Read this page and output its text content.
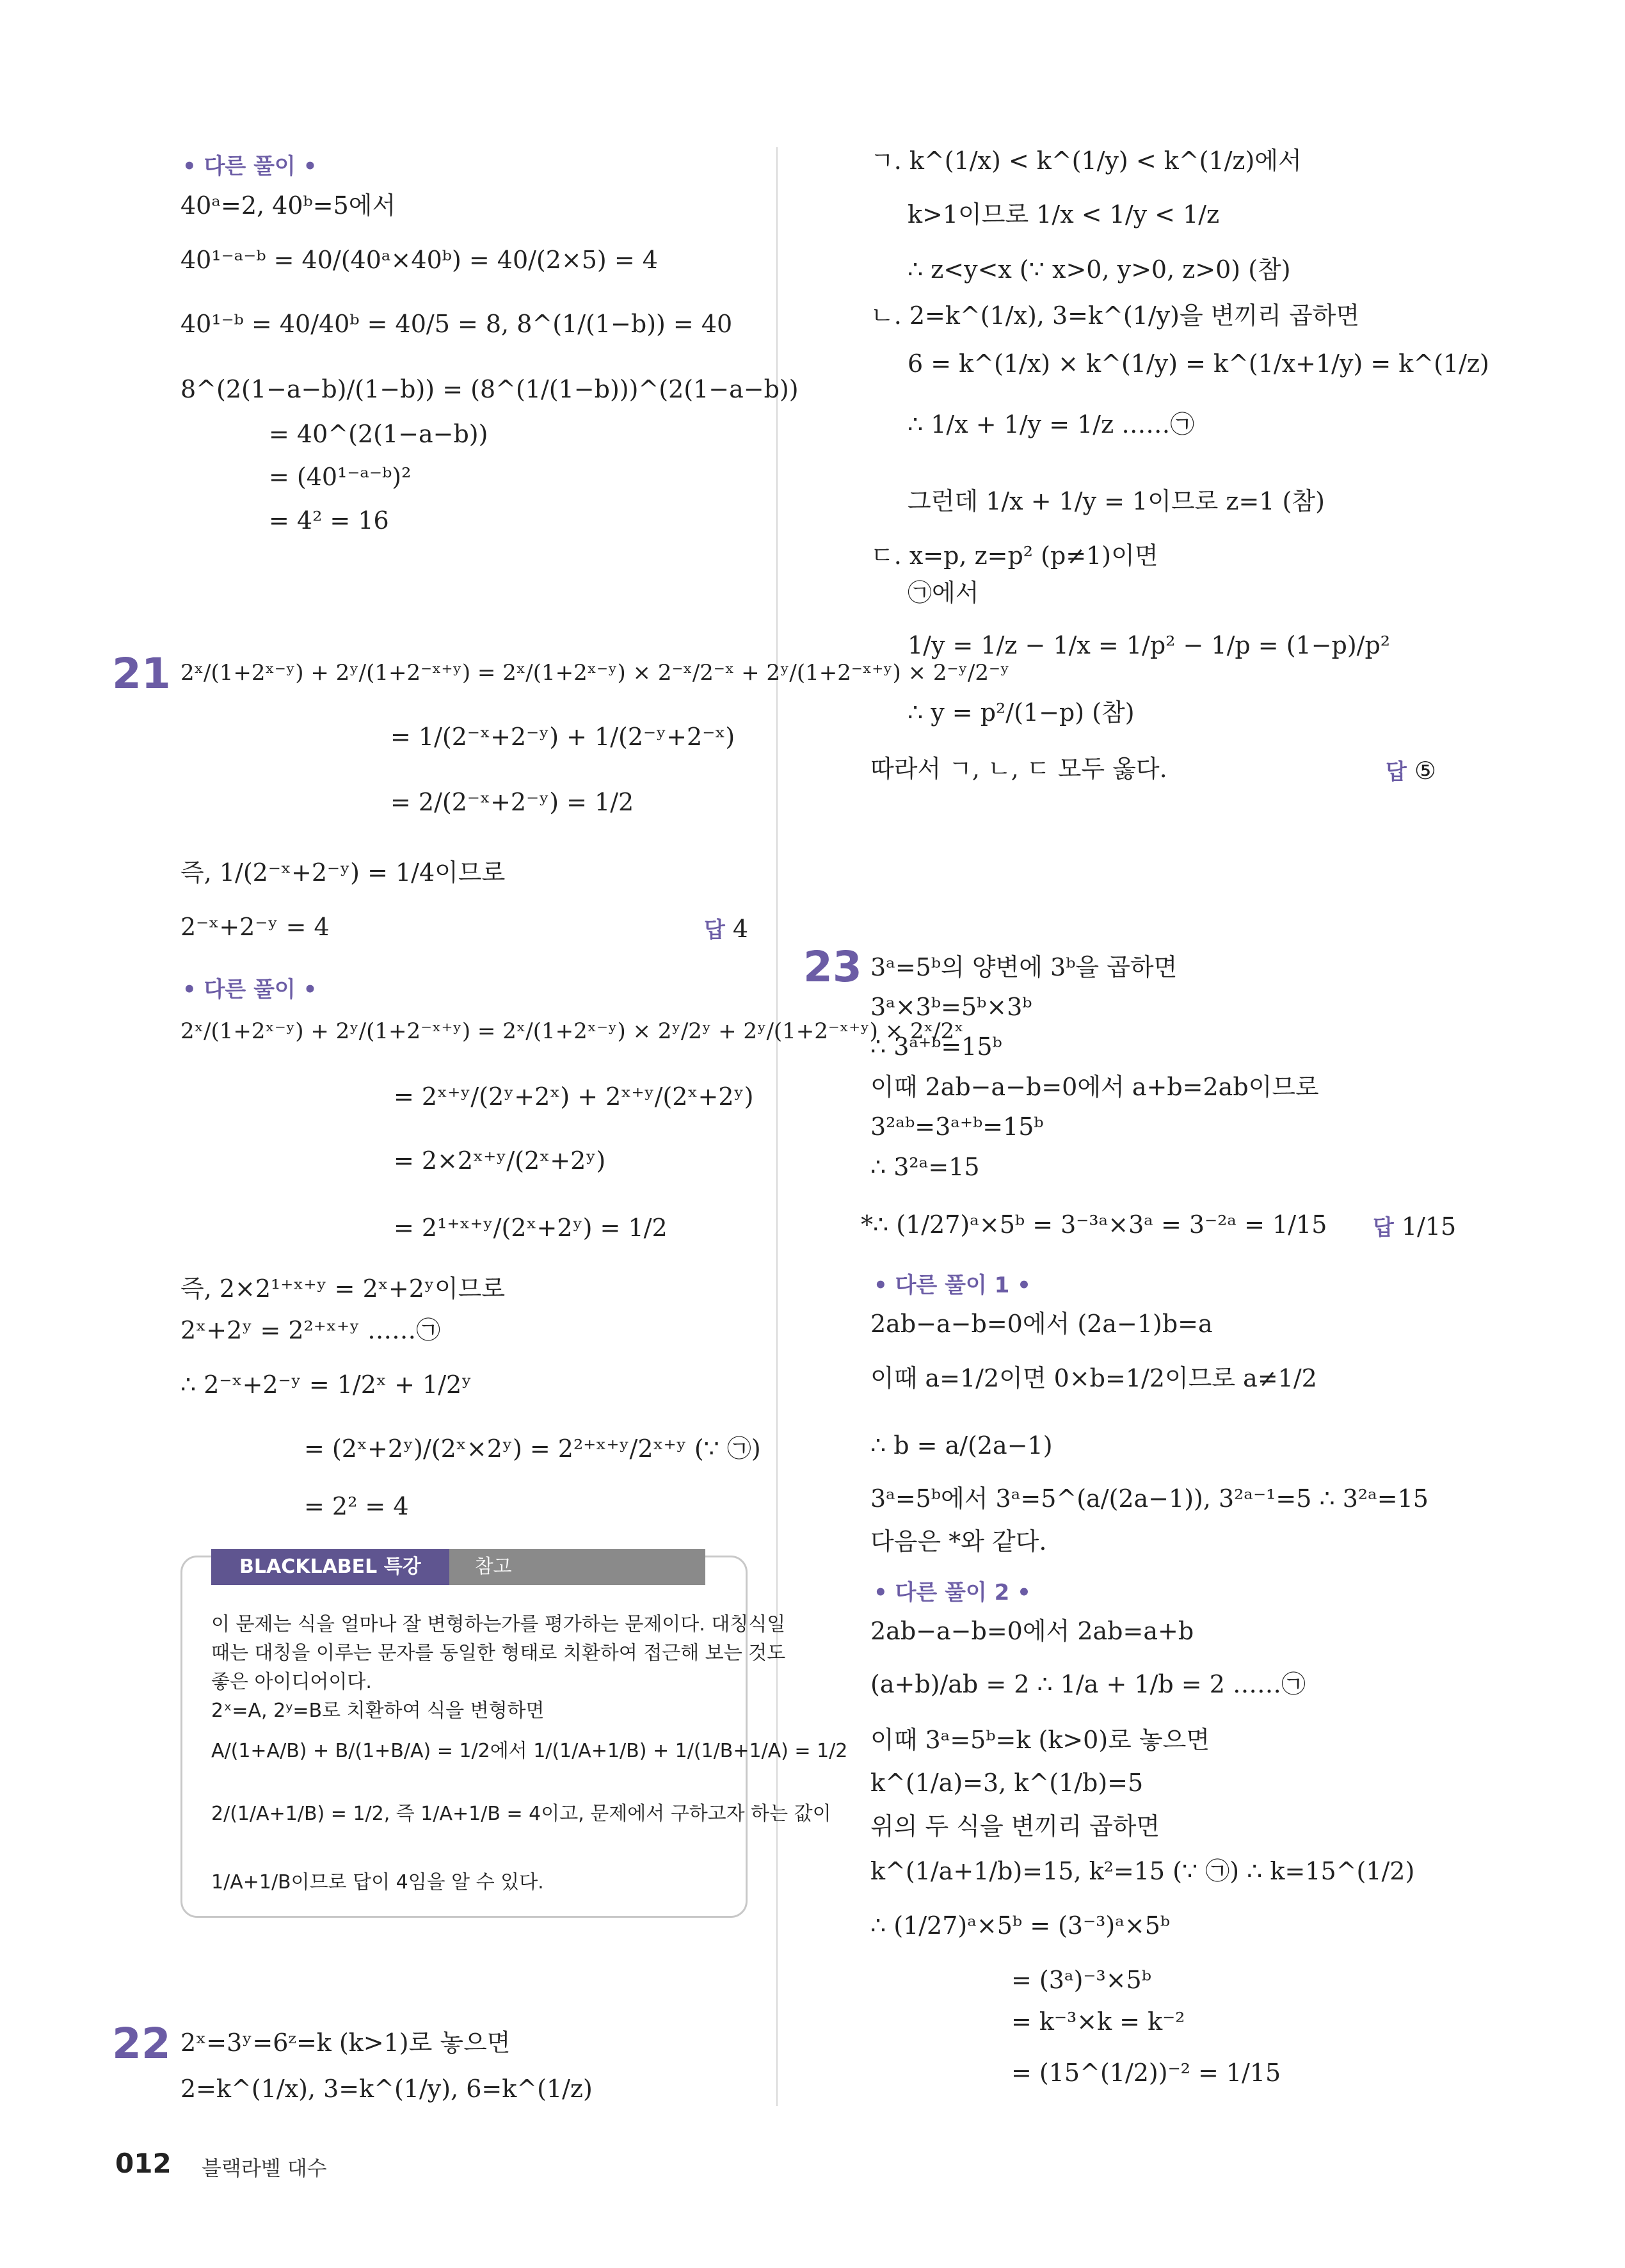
• 다른 풀이 •
40ᵃ=2, 40ᵇ=5에서
40¹⁻ᵃ⁻ᵇ = 40/(40ᵃ×40ᵇ) = 40/(2×5) = 4
40¹⁻ᵇ = 40/40ᵇ = 40/5 = 8, 8^(1/(1−b)) = 40
8^(2(1−a−b)/(1−b)) = (8^(1/(1−b)))^(2(1−a−b))
= 40^(2(1−a−b))
= (40¹⁻ᵃ⁻ᵇ)²
= 4² = 16
21 2ˣ/(1+2ˣ⁻ʸ) + 2ʸ/(1+2⁻ˣ⁺ʸ) = 2ˣ/(1+2ˣ⁻ʸ) × 2⁻ˣ/2⁻ˣ + 2ʸ/(1+2⁻ˣ⁺ʸ) × 2⁻ʸ/2⁻ʸ
= 1/(2⁻ˣ+2⁻ʸ) + 1/(2⁻ʸ+2⁻ˣ)
= 2/(2⁻ˣ+2⁻ʸ) = 1/2
즉, 1/(2⁻ˣ+2⁻ʸ) = 1/4이므로
2⁻ˣ+2⁻ʸ = 4	답 4
• 다른 풀이 •
2ˣ/(1+2ˣ⁻ʸ) + 2ʸ/(1+2⁻ˣ⁺ʸ) = 2ˣ/(1+2ˣ⁻ʸ) × 2ʸ/2ʸ + 2ʸ/(1+2⁻ˣ⁺ʸ) × 2ˣ/2ˣ
= 2ˣ⁺ʸ/(2ʸ+2ˣ) + 2ˣ⁺ʸ/(2ˣ+2ʸ)
= 2×2ˣ⁺ʸ/(2ˣ+2ʸ)
= 2¹⁺ˣ⁺ʸ/(2ˣ+2ʸ) = 1/2
즉, 2×2¹⁺ˣ⁺ʸ = 2ˣ+2ʸ이므로
2ˣ+2ʸ = 2²⁺ˣ⁺ʸ ……㉠
∴ 2⁻ˣ+2⁻ʸ = 1/2ˣ + 1/2ʸ
= (2ˣ+2ʸ)/(2ˣ×2ʸ) = 2²⁺ˣ⁺ʸ/2ˣ⁺ʸ (∵ ㉠)
= 2² = 4
BLACKLABEL 특강	참고
이 문제는 식을 얼마나 잘 변형하는가를 평가하는 문제이다. 대칭식일
때는 대칭을 이루는 문자를 동일한 형태로 치환하여 접근해 보는 것도
좋은 아이디어이다.
2ˣ=A, 2ʸ=B로 치환하여 식을 변형하면
A/(1+A/B) + B/(1+B/A) = 1/2에서 1/(1/A+1/B) + 1/(1/B+1/A) = 1/2
2/(1/A+1/B) = 1/2, 즉 1/A+1/B = 4이고, 문제에서 구하고자 하는 값이
1/A+1/B이므로 답이 4임을 알 수 있다.
22 2ˣ=3ʸ=6ᶻ=k (k>1)로 놓으면
2=k^(1/x), 3=k^(1/y), 6=k^(1/z)
ㄱ. k^(1/x) < k^(1/y) < k^(1/z)에서
k>1이므로 1/x < 1/y < 1/z
∴ z<y<x (∵ x>0, y>0, z>0) (참)
ㄴ. 2=k^(1/x), 3=k^(1/y)을 변끼리 곱하면
6 = k^(1/x) × k^(1/y) = k^(1/x+1/y) = k^(1/z)
∴ 1/x + 1/y = 1/z ……㉠
그런데 1/x + 1/y = 1이므로 z=1 (참)
ㄷ. x=p, z=p² (p≠1)이면
㉠에서
1/y = 1/z − 1/x = 1/p² − 1/p = (1−p)/p²
∴ y = p²/(1−p) (참)
따라서 ㄱ, ㄴ, ㄷ 모두 옳다.	답 ⑤
23 3ᵃ=5ᵇ의 양변에 3ᵇ을 곱하면
3ᵃ×3ᵇ=5ᵇ×3ᵇ
∴ 3ᵃ⁺ᵇ=15ᵇ
이때 2ab−a−b=0에서 a+b=2ab이므로
3²ᵃᵇ=3ᵃ⁺ᵇ=15ᵇ
∴ 3²ᵃ=15
*∴ (1/27)ᵃ×5ᵇ = 3⁻³ᵃ×3ᵃ = 3⁻²ᵃ = 1/15 답 1/15
• 다른 풀이 1 •
2ab−a−b=0에서 (2a−1)b=a
이때 a=1/2이면 0×b=1/2이므로 a≠1/2
∴ b = a/(2a−1)
3ᵃ=5ᵇ에서 3ᵃ=5^(a/(2a−1)), 3²ᵃ⁻¹=5 ∴ 3²ᵃ=15
다음은 *와 같다.
• 다른 풀이 2 •
2ab−a−b=0에서 2ab=a+b
(a+b)/ab = 2 ∴ 1/a + 1/b = 2 ……㉠
이때 3ᵃ=5ᵇ=k (k>0)로 놓으면
k^(1/a)=3, k^(1/b)=5
위의 두 식을 변끼리 곱하면
k^(1/a+1/b)=15, k²=15 (∵ ㉠) ∴ k=15^(1/2)
∴ (1/27)ᵃ×5ᵇ = (3⁻³)ᵃ×5ᵇ
= (3ᵃ)⁻³×5ᵇ
= k⁻³×k = k⁻²
= (15^(1/2))⁻² = 1/15
012 블랙라벨 대수
